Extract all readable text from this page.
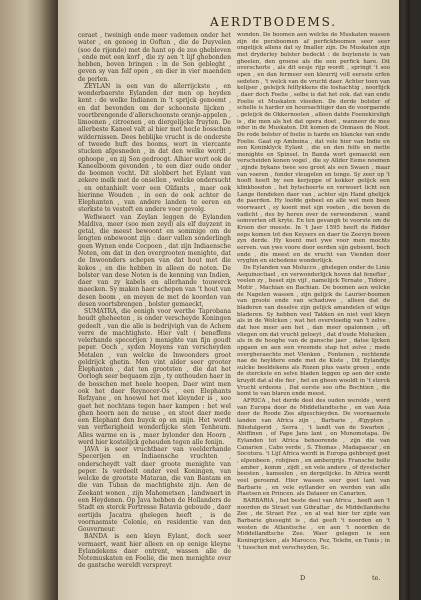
AERDTBODEMS.

ceraet , tweinigh ende meer vademen onder het water , en genoeg in Ooften , die de Duyvelen (soo de rijonde) met de hant op de zee ghebleven , ende met een korf , die zy aen 't lijf ghebonden hebben, boven bringen : in de Son gebleght , geven sy van felf open , en dier in vier maenden de perlen.

ZEYLAN is een van de allerrijckste , en wonderbaerste Eylanden der men op heyden kent : de welke Indianen in 't sprijck genoemt , en dat bevonden om der schoonste lijcken , voortbrengende d'allerschoonste oranje-appelen , limoenen , citroenen , en diergelijcke fruyten. De allerbeste Kaneel valt al hier met hecle bosschen wildernissen. Dees heblijke vrucht is de onderste of tweede huft des booms, wort in viercante stucken afgesneden , in dat den welke wordt , ophoope , en zij Son gedroogt. Alhier wort ook de Kaneelboom gevonden , te een dier oude onder de boomen vocht. Dit slobbert het Eylant van zekere melk met de onsellen , welcke ondersucht , en ontanhielt voor een Olifants , maer ook hierinne Wouden , in een de ook achter de Elephanten , van andere landen te eeren en sterkste te vestoft en andere voor gevolg.

Weflwaert van Zeylan leggen de Eylanden Maldiva, meer (soo men zeyd) als elf duyzent in getal, die meest bewoont en sommige om de lengten onbewoont zijn : daer vallen sonderlingh geen Wynen ende Cocpoen , dat zijn Indiaensche Noten, om dat in den overgrooten menighte, dat de Inwoonders schepen van dat hout met die kokos , en die hebben in alleen de noten. De bolster van dese Noten is de kenning van Indien, daer van zy kabels en allerhande touwerck maecken. Sy maken haer schepen van 't hout van desen boom , en meyen de met de koorden van desen voortsbrengen , bolster gemaeckt,

SUMATRA, die eenigh voor werthe Taprobana houdt gheheeten , is onder verscheyde Koningen gedeelt , van die alle is bedrijvigh van de Achem verre de machtighste. Hier valt ( beneffens velerhande specerijen ) menighte van fijn goudt peper. Ooch , syden Moyens van verscheyden Metalen , van welcke de Inwoonders groot geldrijck ghetin. Men vint alder seer grooter Elephanten , dat ten grootsten , die dat het Oorlogh seer bequaem zijn , ty onthouden haer in de bosschen met heele hoopen. Daer wint men ook het daer Reynocer-Os , een Elephants Refzyane , en hoewel het met kleynder is , soo gaet het nochtans tegen haer kampen : het wel ghen hoorn aen de neuse , en stoot daer mede een Elephant den buyck op en mijn. Het wordt van verfierigheid wonderlijcke sten Tenheum. Alles warme en is , maer bylonder den Hoorn , werd hier kostelijck geheuden tegen alle fenijn.

JAVA is seer vruchtbaer van veelderhande Specerijen en Indiaensche vruchten , onderscheydt valt daer groote menighte van peper. Is verdeelt onder veel Koningen, van welcke de grootste Mataran, die van Bantam en die van Tuban de machtighste zijn. Aen de Zeekant wonen , zijn Mahometsen , landwaert in een Heydenen. Op Java hebben de Hollanders de Stadt en sterck Fortresse Batavia geboude , daer eertijds Jacatra ghelegen heeft , is de voornaemste Colonie, en residentie van den Gouverneur.

BANDA is een kleyn Eylant, doch seer vermaert, want hier alleen en op eenige kleyne Eylandekens daer ontrent, wassen alle de Notemuskaten en Foelie, die men menighte over de gantsche wereldt verspreyt

wonden. De boomen aen welcke de Muskaten wassen zijn de persboomen af perfickboomen seer seer ongelijck allens dat sy fmaller zijn. De Muskaten zijn met dryderley bolster bedeckt : de buytenste is van gheelen, den groene als die een perfick hare. Dit overschorte , als dit eesje rijp wordt , springt 't soo open , en dan fermeer een kleurrij voll eersste erfen sedeten , 't welck van de vrucht daer. Achter toen van kelijser , geleijck felflykkens die loshachtig , noorlijck , daer doch Foelie , selbe is dat het ook. dat van ende Foelie et Muskaten vloeden. De derde bolster of schelle is harder en hoursachtiger dan de voorgaende , geleijck de Okkernooten , alleen datde Foenekirsligh is , die men als het dat opera doet , wanneer de mee oder in de Muskaten. Dit komen de Onmaen de Noot. De rode bolster of foelie is harde en blancke van ende Foelie. Gaat op Amboina , dat vele hier van Indie en een Koninklyck Eylant , die en den felfe en mette menighte en Spinsel. In Banda wort gemaeckt een verscheiden konen vogel , die sy Allder Eeme noemen , zijnde bykans twee soo groot als een Swaen , maar van voeren , fonder vleugelen en tonge. Sy zeer op 't hooft heeft by een kerjeppe of kokker gelijck een klinkhoedon , het bytschoerte en verwoert licht een Lange flendeken daer van , achter sijn Hand ghelijck de paerden. Hy loofde gebeel en alle wel men been voorwaert , sy koent met sijn voeten , die boven de vadicht , des by heren over de verwonderen , wand somverten oft kryte. En ten gevangh te voorste om de Kroon der meeste. In 't Jaer 1595 heeft de Ridder eeps komen tot den Keysers en daer tie Zeevyn boven zyn derde. Hy koent met ywe voor men mochts eerven. van ywe voore door eerden sijn gebeent. boch ende , die meest en de vrucht van Vienden door vryghin en sichedene wonderlijck.

De Eylanden van Molucco , ghelegen onder de Linie Aequinoctiael , en verwonderlijck hoven dat fenefter , veelen zy , beset zijn vijf , namelijck Ternate , Tidore , Motir , Machian en Bachian. De boomen aen welcke de Nagelen wassen , zijn gelijck de Laurier-boomen van groote ende van schaduwe , alleen dat de bladeren van deselve zijn gelijck amandelen of wilge bladeren. Sy hebben veel Takken en niet veel kleyn als in de Wolcken ; wat het overvloedig van 't zelve , dat hoe meer aen het , dan meer opalonnen , oft vliegen om dat vrucht geloeyt , dat d'oude Molucken , als in de hooghe van de gansche jaer , datse lijcken opgaen en aen een vreemde stap het zelve ; mede overgheraechte met Vlenken , Fontenen , rechtende nae de heyldere ende met de Kiste , Dit Eylandtje sulcke beeldekens als Rozen plus vaste groen , ende de sterckste en selve bladen leggen op aen der ende kruydt dat al die fier , het en gheen wooldt in 't sterck Vrucht erdeens , Dat eerste soo ofte Bochtien , die komt te van blaren ende meest.

AFRICA , het derde deel des ouden werelds , werd van Europa door de Middellandtsche , en van Asia door de Roode Zee afgeschieyden. De voornaemste landen van Africa zijn , Barbarie , Ægypten , Biledulgerid , Serra , 't landt van de Swarten , Abiffinen , of Pape Jans lant , en Monomotapa. De Eylanden tot Africa behoorende , zijn die van Canarien , Cabo verde , S. Thomas , Madagascar , en Socotora. 't Lijf Africa werdt in Europa gehbruyd goet , elpenbeen , robijnen , en ambergrijs. Fransche bolle , amber , komm , zijdt , en vele andere , of dyvelscher beesten , kameelen , en dergelijcke. In Africa werdt veel geroemd. Hier wassen seer goet lant van Barbarie , en vele eyllander en werden van alle Plaetsen en Princen. als Dataeer en Canarien.

BARBARIA , het beste deel van Africa , heeft aen 't noorden de Straet van Gibraltar , de Middellandsche Zee , de Straet Fez , en al wat hier ter zijde van Barbarie gheseght is , dat geeft 't noorden en 't westen de Atlantische , en aen 't noorden de Middellandtsche Zee. Waer gelegen is een Koningrijcken , als Marocco, Fez, Telefin, en Tunis ; in 't tusschen met verscheyden, Sc.

D	te.
